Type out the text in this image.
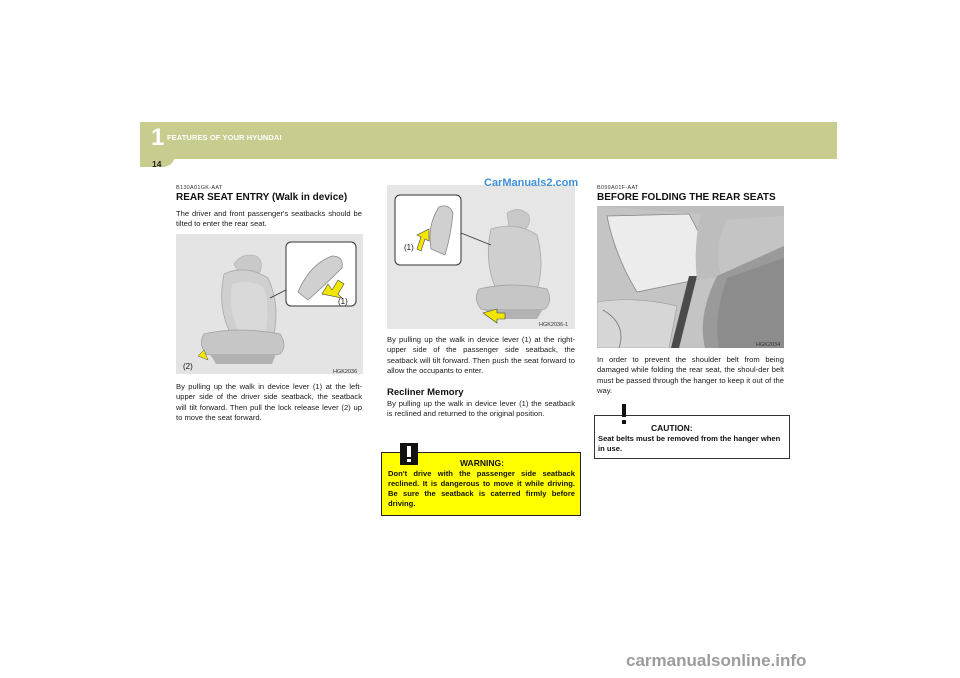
1 FEATURES OF YOUR HYUNDAI
14
B130A01GK-AAT
REAR SEAT ENTRY (Walk in device)
The driver and front passenger's seatbacks should be tilted to enter the rear seat.
(1)
(2)
HGK2036
By pulling up the walk in device lever (1) at the left-upper side of the driver side seatback, the seatback will tilt forward. Then pull the lock release lever (2) up to move the seat forward.
CarManuals2.com
(1)
HGK2036-1
By pulling up the walk in device lever (1) at the right-upper side of the passenger side seatback, the seatback will tilt forward. Then push the seat forward to allow the occupants to enter.
Recliner Memory
By pulling up the walk in device lever (1) the seatback is reclined and returned to the original position.
WARNING:
Don't drive with the passenger side seatback reclined. It is dangerous to move it while driving. Be sure the seatback is caterred firmly before driving.
B099A01F-AAT
BEFORE FOLDING THE REAR SEATS
HGK2034
In order to prevent the shoulder belt from being damaged while folding the rear seat, the shoul-der belt must be passed through the hanger to keep it out of the way.
CAUTION:
Seat belts must be removed from the hanger when in use.
carmanualsonline.info
